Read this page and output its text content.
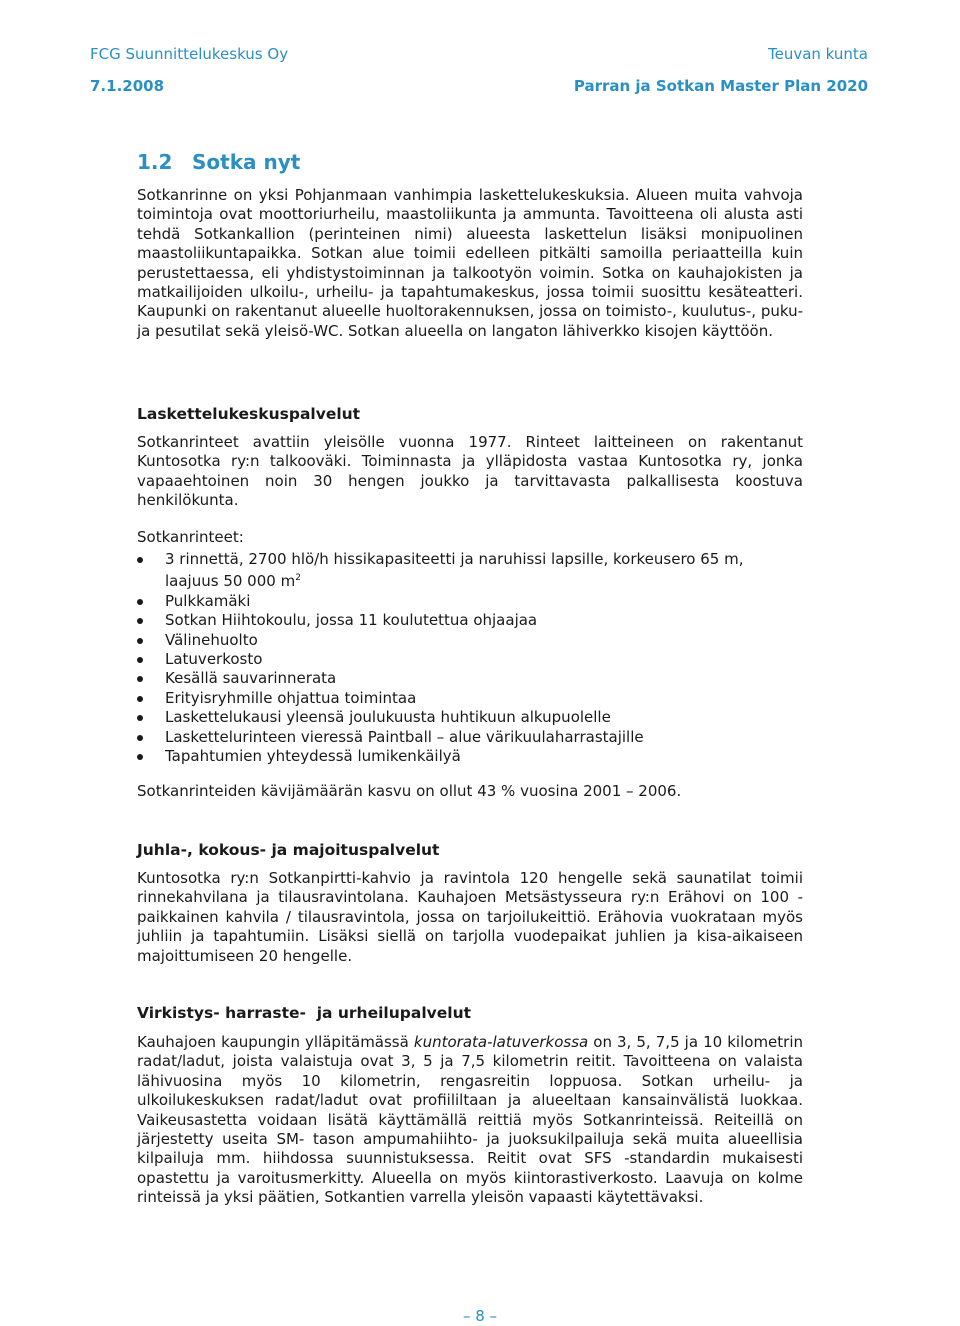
FCG Suunnittelukeskus Oy	Teuvan kunta
7.1.2008	Parran ja Sotkan Master Plan 2020
1.2 Sotka nyt

Sotkanrinne on yksi Pohjanmaan vanhimpia laskettelukeskuksia. Alueen muita vahvoja toimintoja ovat moottoriurheilu, maastoliikunta ja ammunta. Tavoitteena oli alusta asti tehdä Sotkankallion (perinteinen nimi) alueesta laskettelun lisäksi monipuolinen maastoliikuntapaikka. Sotkan alue toimii edelleen pitkälti samoilla periaatteilla kuin perustettaessa, eli yhdistystoiminnan ja talkootyön voimin. Sotka on kauhajokisten ja matkailijoiden ulkoilu-, urheilu- ja tapahtumakeskus, jossa toimii suosittu kesäteatteri. Kaupunki on rakentanut alueelle huoltorakennuksen, jossa on toimisto-, kuulutus-, puku- ja pesutilat sekä yleisö-WC. Sotkan alueella on langaton lähiverkko kisojen käyttöön.

Laskettelukeskuspalvelut

Sotkanrinteet avattiin yleisölle vuonna 1977. Rinteet laitteineen on rakentanut Kuntosotka ry:n talkooväki. Toiminnasta ja ylläpidosta vastaa Kuntosotka ry, jonka vapaaehtoinen noin 30 hengen joukko ja tarvittavasta palkallisesta koostuva henkilökunta.

Sotkanrinteet:

3 rinnettä, 2700 hlö/h hissikapasiteetti ja naruhissi lapsille, korkeusero 65 m,
laajuus 50 000 $m^2$
Pulkkamäki
Sotkan Hiihtokoulu, jossa 11 koulutettua ohjaajaa
Välinehuolto
Latuverkosto
Kesällä sauvarinnerata
Erityisryhmille ohjattua toimintaa
Laskettelukausi yleensä joulukuusta huhtikuun alkupuolelle
Laskettelurinteen vieressä Paintball – alue värikuulaharrastajille
Tapahtumien yhteydessä lumikenkäilyä

Sotkanrinteiden kävijämäärän kasvu on ollut 43 % vuosina 2001 – 2006.

Juhla-, kokous- ja majoituspalvelut

Kuntosotka ry:n Sotkanpirtti-kahvio ja ravintola 120 hengelle sekä saunatilat toimii rinnekahvilana ja tilausravintolana. Kauhajoen Metsästysseura ry:n Erähovi on 100 -paikkainen kahvila / tilausravintola, jossa on tarjoilukeittiö. Erähovia vuokrataan myös juhliin ja tapahtumiin. Lisäksi siellä on tarjolla vuodepaikat juhlien ja kisa-aikaiseen majoittumiseen 20 hengelle.

Virkistys- harraste-  ja urheilupalvelut

Kauhajoen kaupungin ylläpitämässä kuntorata-latuverkossa on 3, 5, 7,5 ja 10 kilometrin radat/ladut, joista valaistuja ovat 3, 5 ja 7,5 kilometrin reitit. Tavoitteena on valaista lähivuosina myös 10 kilometrin, rengasreitin loppuosa. Sotkan urheilu- ja ulkoilukeskuksen radat/ladut ovat profiililtaan ja alueeltaan kansainvälistä luokkaa. Vaikeusastetta voidaan lisätä käyttämällä reittiä myös Sotkanrinteissä. Reiteillä on järjestetty useita SM- tason ampumahiihto- ja juoksukilpailuja sekä muita alueellisia kilpailuja mm. hiihdossa suunnistuksessa. Reitit ovat SFS -standardin mukaisesti opastettu ja varoitusmerkitty. Alueella on myös kiintorastiverkosto. Laavuja on kolme rinteissä ja yksi päätien, Sotkantien varrella yleisön vapaasti käytettävaksi.

– 8 –
